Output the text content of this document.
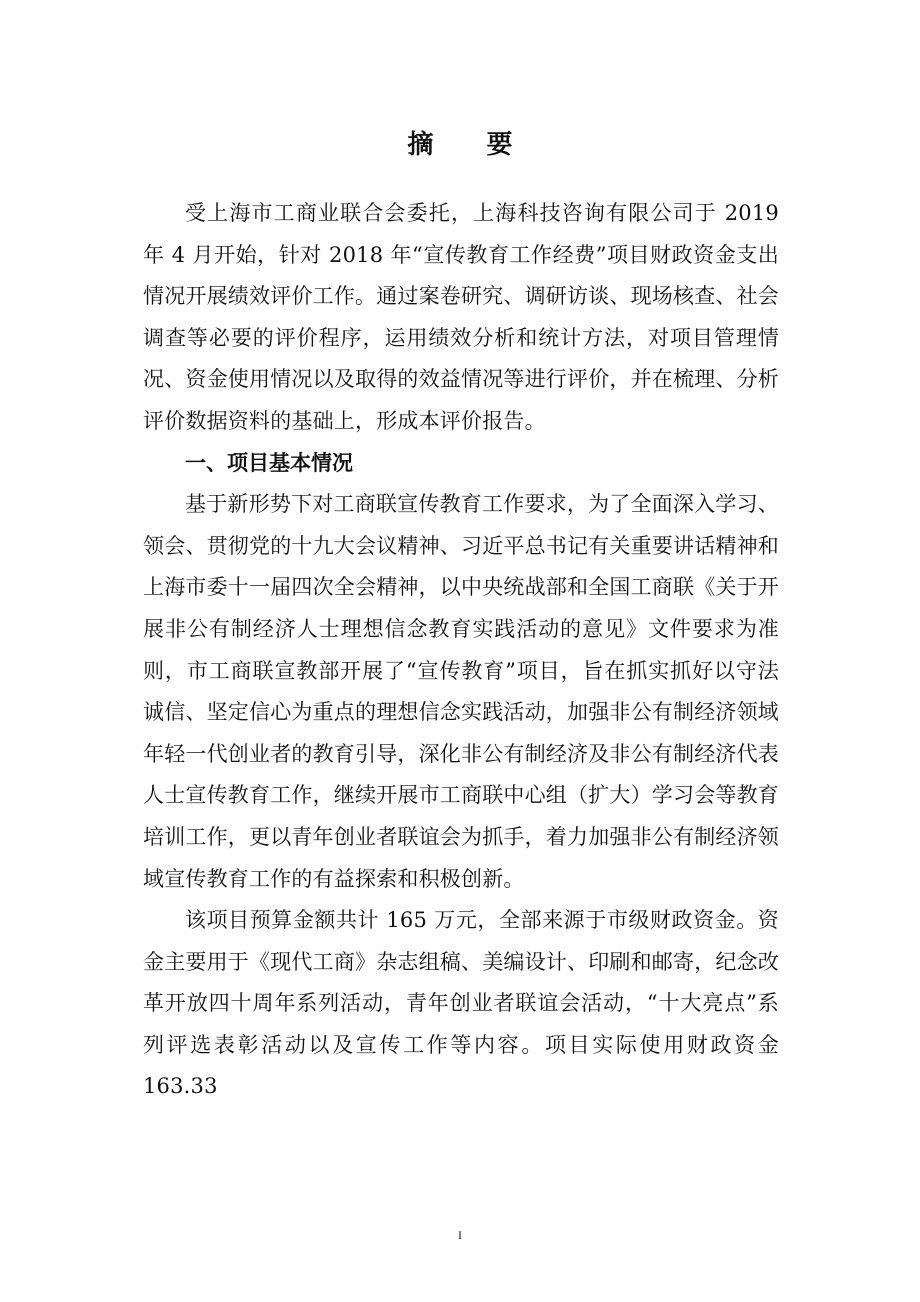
摘 要

受上海市工商业联合会委托，上海科技咨询有限公司于 2019 年 4 月开始，针对 2018 年“宣传教育工作经费”项目财政资金支出情况开展绩效评价工作。通过案卷研究、调研访谈、现场核查、社会调查等必要的评价程序，运用绩效分析和统计方法，对项目管理情况、资金使用情况以及取得的效益情况等进行评价，并在梳理、分析评价数据资料的基础上，形成本评价报告。

一、项目基本情况

基于新形势下对工商联宣传教育工作要求，为了全面深入学习、领会、贯彻党的十九大会议精神、习近平总书记有关重要讲话精神和上海市委十一届四次全会精神，以中央统战部和全国工商联《关于开展非公有制经济人士理想信念教育实践活动的意见》文件要求为准则，市工商联宣教部开展了“宣传教育”项目，旨在抓实抓好以守法诚信、坚定信心为重点的理想信念实践活动，加强非公有制经济领域年轻一代创业者的教育引导，深化非公有制经济及非公有制经济代表人士宣传教育工作，继续开展市工商联中心组（扩大）学习会等教育培训工作，更以青年创业者联谊会为抓手，着力加强非公有制经济领域宣传教育工作的有益探索和积极创新。

该项目预算金额共计 165 万元，全部来源于市级财政资金。资金主要用于《现代工商》杂志组稿、美编设计、印刷和邮寄，纪念改革开放四十周年系列活动，青年创业者联谊会活动，“十大亮点”系列评选表彰活动以及宣传工作等内容。项目实际使用财政资金 163.33

I
